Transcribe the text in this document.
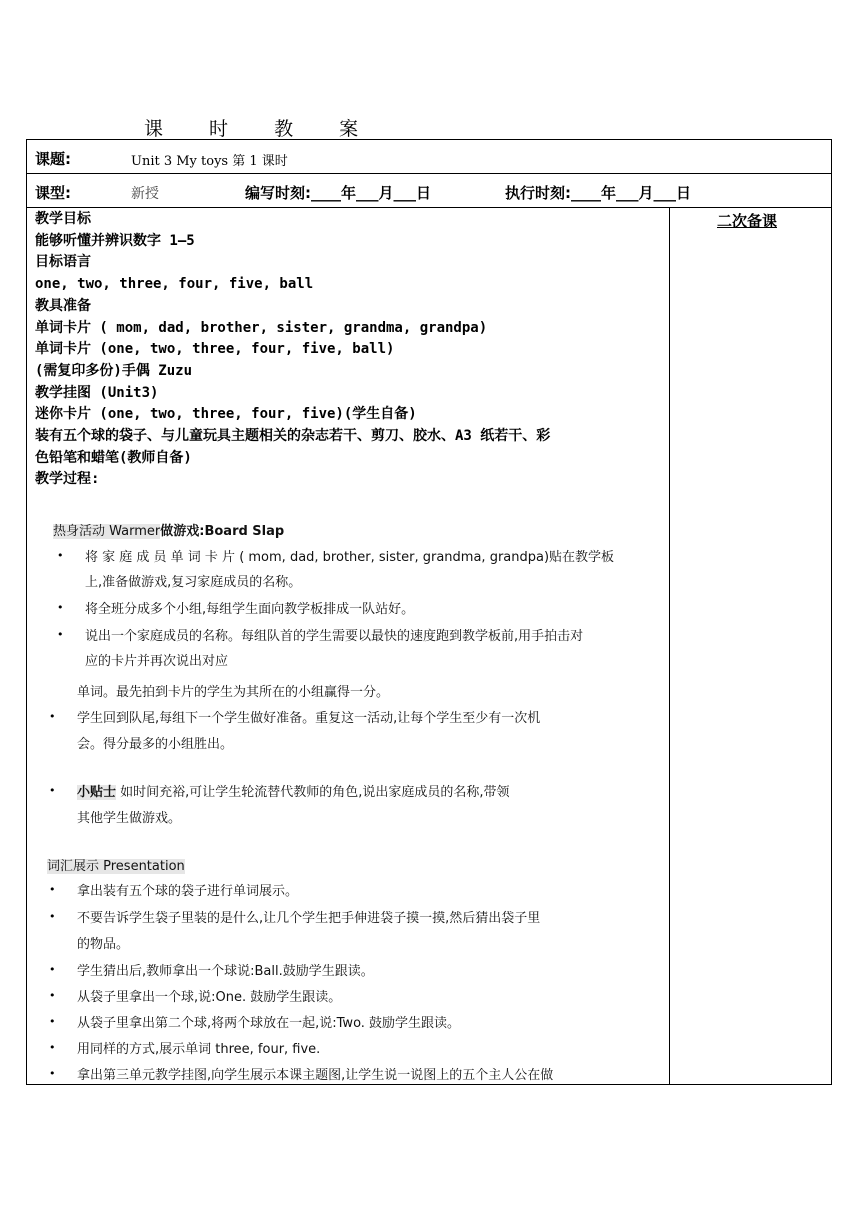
课 时 教 案
课题:	Unit 3 My toys 第 1 课时
课型:	新授	编写时刻:____年___月___日	执行时刻:____年___月___日
二次备课
教学目标
能够听懂并辨识数字 1—5
目标语言
one, two, three, four, five, ball
教具准备
单词卡片 ( mom, dad, brother, sister, grandma, grandpa)
单词卡片 (one, two, three, four, five, ball)
(需复印多份)手偶 Zuzu
教学挂图 (Unit3)
迷你卡片 (one, two, three, four, five)(学生自备)
装有五个球的袋子、与儿童玩具主题相关的杂志若干、剪刀、胶水、A3 纸若干、彩
色铅笔和蜡笔(教师自备)
教学过程:
热身活动 Warmer做游戏:Board Slap
• 将 家 庭 成 员 单 词 卡 片 ( mom, dad, brother, sister, grandma, grandpa)贴在教学板
上,准备做游戏,复习家庭成员的名称。
• 将全班分成多个小组,每组学生面向教学板排成一队站好。
• 说出一个家庭成员的名称。每组队首的学生需要以最快的速度跑到教学板前,用手拍击对
应的卡片并再次说出对应
单词。最先拍到卡片的学生为其所在的小组赢得一分。
• 学生回到队尾,每组下一个学生做好准备。重复这一活动,让每个学生至少有一次机
会。得分最多的小组胜出。
• 小贴士 如时间充裕,可让学生轮流替代教师的角色,说出家庭成员的名称,带领
其他学生做游戏。
词汇展示 Presentation
• 拿出装有五个球的袋子进行单词展示。
• 不要告诉学生袋子里装的是什么,让几个学生把手伸进袋子摸一摸,然后猜出袋子里
的物品。
• 学生猜出后,教师拿出一个球说:Ball.鼓励学生跟读。
• 从袋子里拿出一个球,说:One. 鼓励学生跟读。
• 从袋子里拿出第二个球,将两个球放在一起,说:Two. 鼓励学生跟读。
• 用同样的方式,展示单词 three, four, five.
• 拿出第三单元教学挂图,向学生展示本课主题图,让学生说一说图上的五个主人公在做
